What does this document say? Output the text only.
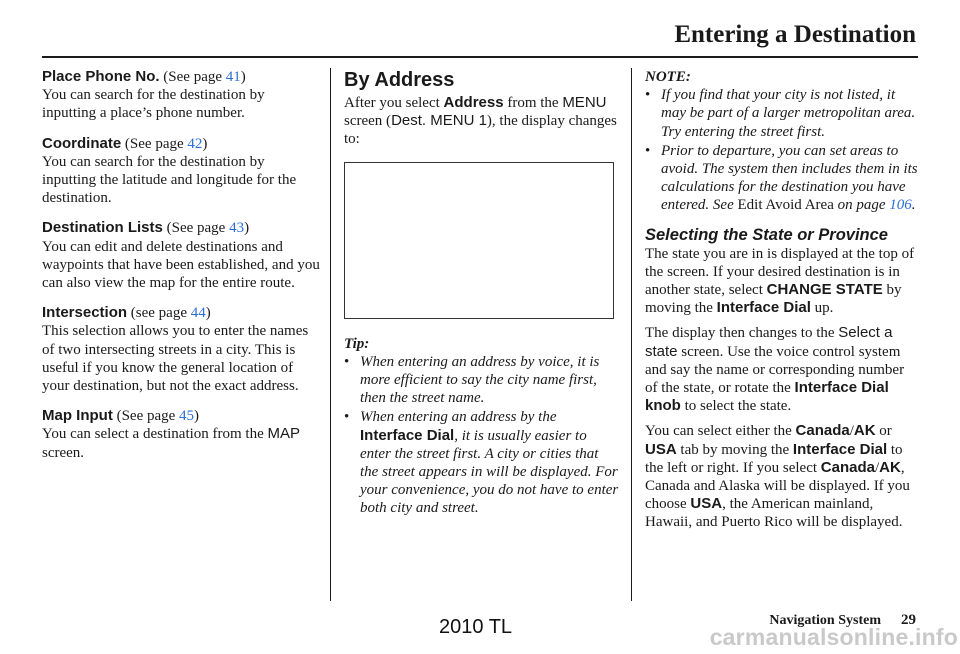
Entering a Destination

Place Phone No. (See page 41)

You can search for the destination by inputting a place’s phone number.

Coordinate (See page 42)

You can search for the destination by inputting the latitude and longitude for the destination.

Destination Lists (See page 43)

You can edit and delete destinations and waypoints that have been established, and you can also view the map for the entire route.

Intersection (see page 44)

This selection allows you to enter the names of two intersecting streets in a city. This is useful if you know the general location of your destination, but not the exact address.

Map Input (See page 45)

You can select a destination from the MAP screen.

By Address

After you select Address from the MENU screen (Dest. MENU 1), the display changes to:

Tip:

• When entering an address by voice, it is more efficient to say the city name first, then the street name.
• When entering an address by the Interface Dial, it is usually easier to enter the street first. A city or cities that the street appears in will be displayed. For your convenience, you do not have to enter both city and street.

NOTE:

• If you find that your city is not listed, it may be part of a larger metropolitan area. Try entering the street first.
• Prior to departure, you can set areas to avoid. The system then includes them in its calculations for the destination you have entered. See Edit Avoid Area on page 106.
Selecting the State or Province

The state you are in is displayed at the top of the screen. If your desired destination is in another state, select CHANGE STATE by moving the Interface Dial up.

The display then changes to the Select a state screen. Use the voice control system and say the name or corresponding number of the state, or rotate the Interface Dial knob to select the state.

You can select either the Canada/AK or USA tab by moving the Interface Dial to the left or right. If you select Canada/AK, Canada and Alaska will be displayed. If you choose USA, the American mainland, Hawaii, and Puerto Rico will be displayed.

2010 TL	Navigation System 29
carmanualsonline.info
